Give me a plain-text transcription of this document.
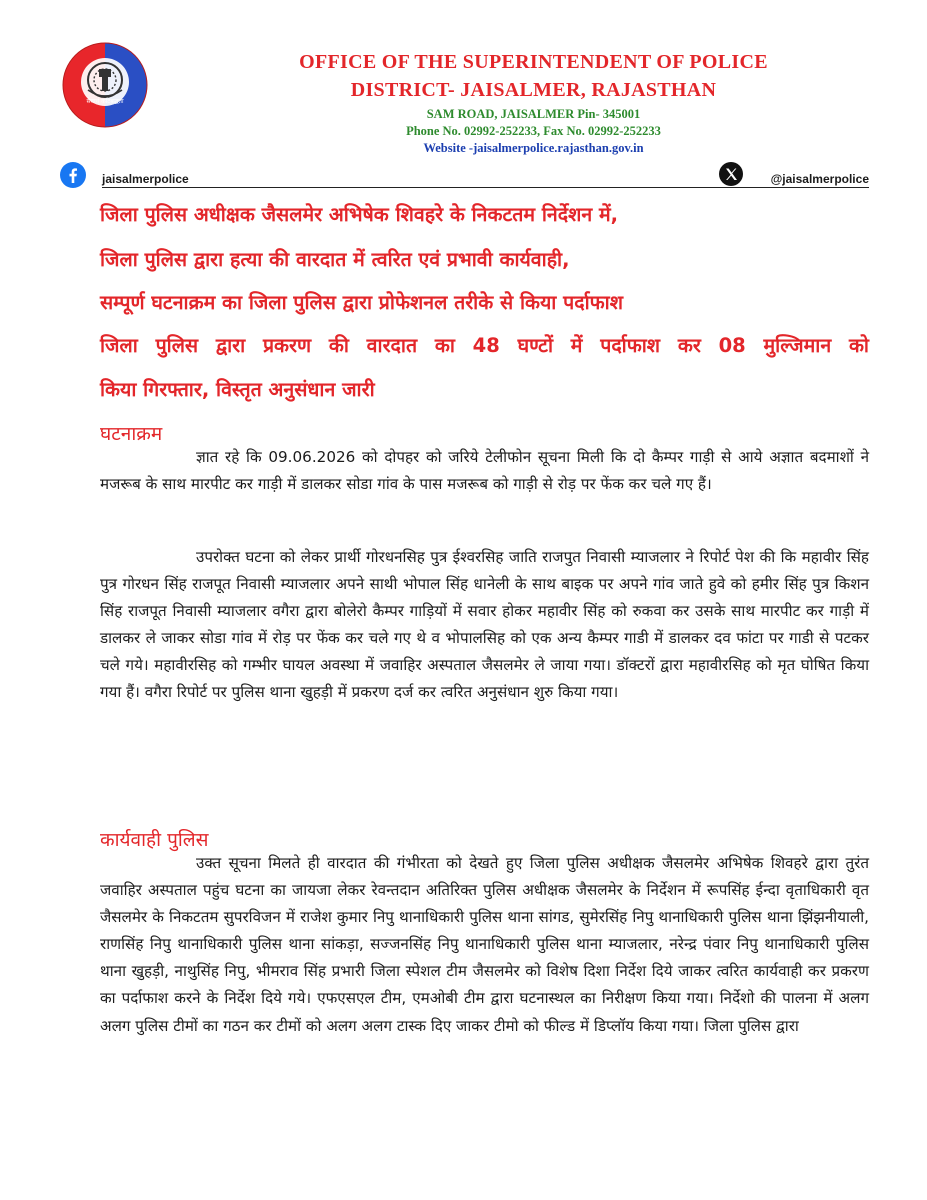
सेवार्थ कटिबद्धता
OFFICE OF THE SUPERINTENDENT OF POLICE
DISTRICT- JAISALMER, RAJASTHAN
SAM ROAD, JAISALMER Pin- 345001
Phone No. 02992-252233, Fax No. 02992-252233
Website -jaisalmerpolice.rajasthan.gov.in
jaisalmerpolice	@jaisalmerpolice
जिला पुलिस अधीक्षक जैसलमेर अभिषेक शिवहरे के निकटतम निर्देशन में,
जिला पुलिस द्वारा हत्या की वारदात में त्वरित एवं प्रभावी कार्यवाही,
सम्पूर्ण घटनाक्रम का जिला पुलिस द्वारा प्रोफेशनल तरीके से किया पर्दाफाश
जिला पुलिस द्वारा प्रकरण की वारदात का 48 घण्टों में पर्दाफाश कर 08 मुल्जिमान को
किया गिरफ्तार, विस्तृत अनुसंधान जारी
घटनाक्रम
ज्ञात रहे कि 09.06.2026 को दोपहर को जरिये टेलीफोन सूचना मिली कि दो कैम्पर गाड़ी से आये अज्ञात बदमाशों ने मजरूब के साथ मारपीट कर गाड़ी में डालकर सोडा गांव के पास मजरूब को गाड़ी से रोड़ पर फेंक कर चले गए हैं।
उपरोक्त घटना को लेकर प्रार्थी गोरधनसिह पुत्र ईश्वरसिह जाति राजपुत निवासी म्याजलार ने रिपोर्ट पेश की कि महावीर सिंह पुत्र गोरधन सिंह राजपूत निवासी म्याजलार अपने साथी भोपाल सिंह धानेली के साथ बाइक पर अपने गांव जाते हुवे को हमीर सिंह पुत्र किशन सिंह राजपूत निवासी म्याजलार वगैरा द्वारा बोलेरो कैम्पर गाड़ियों में सवार होकर महावीर सिंह को रुकवा कर उसके साथ मारपीट कर गाड़ी में डालकर ले जाकर सोडा गांव में रोड़ पर फेंक कर चले गए थे व भोपालसिह को एक अन्य कैम्पर गाडी में डालकर दव फांटा पर गाडी से पटकर चले गये। महावीरसिह को गम्भीर घायल अवस्था में जवाहिर अस्पताल जैसलमेर ले जाया गया। डॉक्टरों द्वारा महावीरसिह को मृत घोषित किया गया हैं। वगैरा रिपोर्ट पर पुलिस थाना खुहड़ी में प्रकरण दर्ज कर त्वरित अनुसंधान शुरु किया गया।
कार्यवाही पुलिस
उक्त सूचना मिलते ही वारदात की गंभीरता को देखते हुए जिला पुलिस अधीक्षक जैसलमेर अभिषेक शिवहरे द्वारा तुरंत जवाहिर अस्पताल पहुंच घटना का जायजा लेकर रेवन्तदान अतिरिक्त पुलिस अधीक्षक जैसलमेर के निर्देशन में रूपसिंह ईन्दा वृताधिकारी वृत जैसलमेर के निकटतम सुपरविजन में राजेश कुमार निपु थानाधिकारी पुलिस थाना सांगड, सुमेरसिंह निपु थानाधिकारी पुलिस थाना झिंझनीयाली, राणसिंह निपु थानाधिकारी पुलिस थाना सांकड़ा, सज्जनसिंह निपु थानाधिकारी पुलिस थाना म्याजलार, नरेन्द्र पंवार निपु थानाधिकारी पुलिस थाना खुहड़ी, नाथुसिंह निपु, भीमराव सिंह प्रभारी जिला स्पेशल टीम जैसलमेर को विशेष दिशा निर्देश दिये जाकर त्वरित कार्यवाही कर प्रकरण का पर्दाफाश करने के निर्देश दिये गये। एफएसएल टीम, एमओबी टीम द्वारा घटनास्थल का निरीक्षण किया गया। निर्देशो की पालना में अलग अलग पुलिस टीमों का गठन कर टीमों को अलग अलग टास्क दिए जाकर टीमो को फील्ड में डिप्लॉय किया गया। जिला पुलिस द्वारा
